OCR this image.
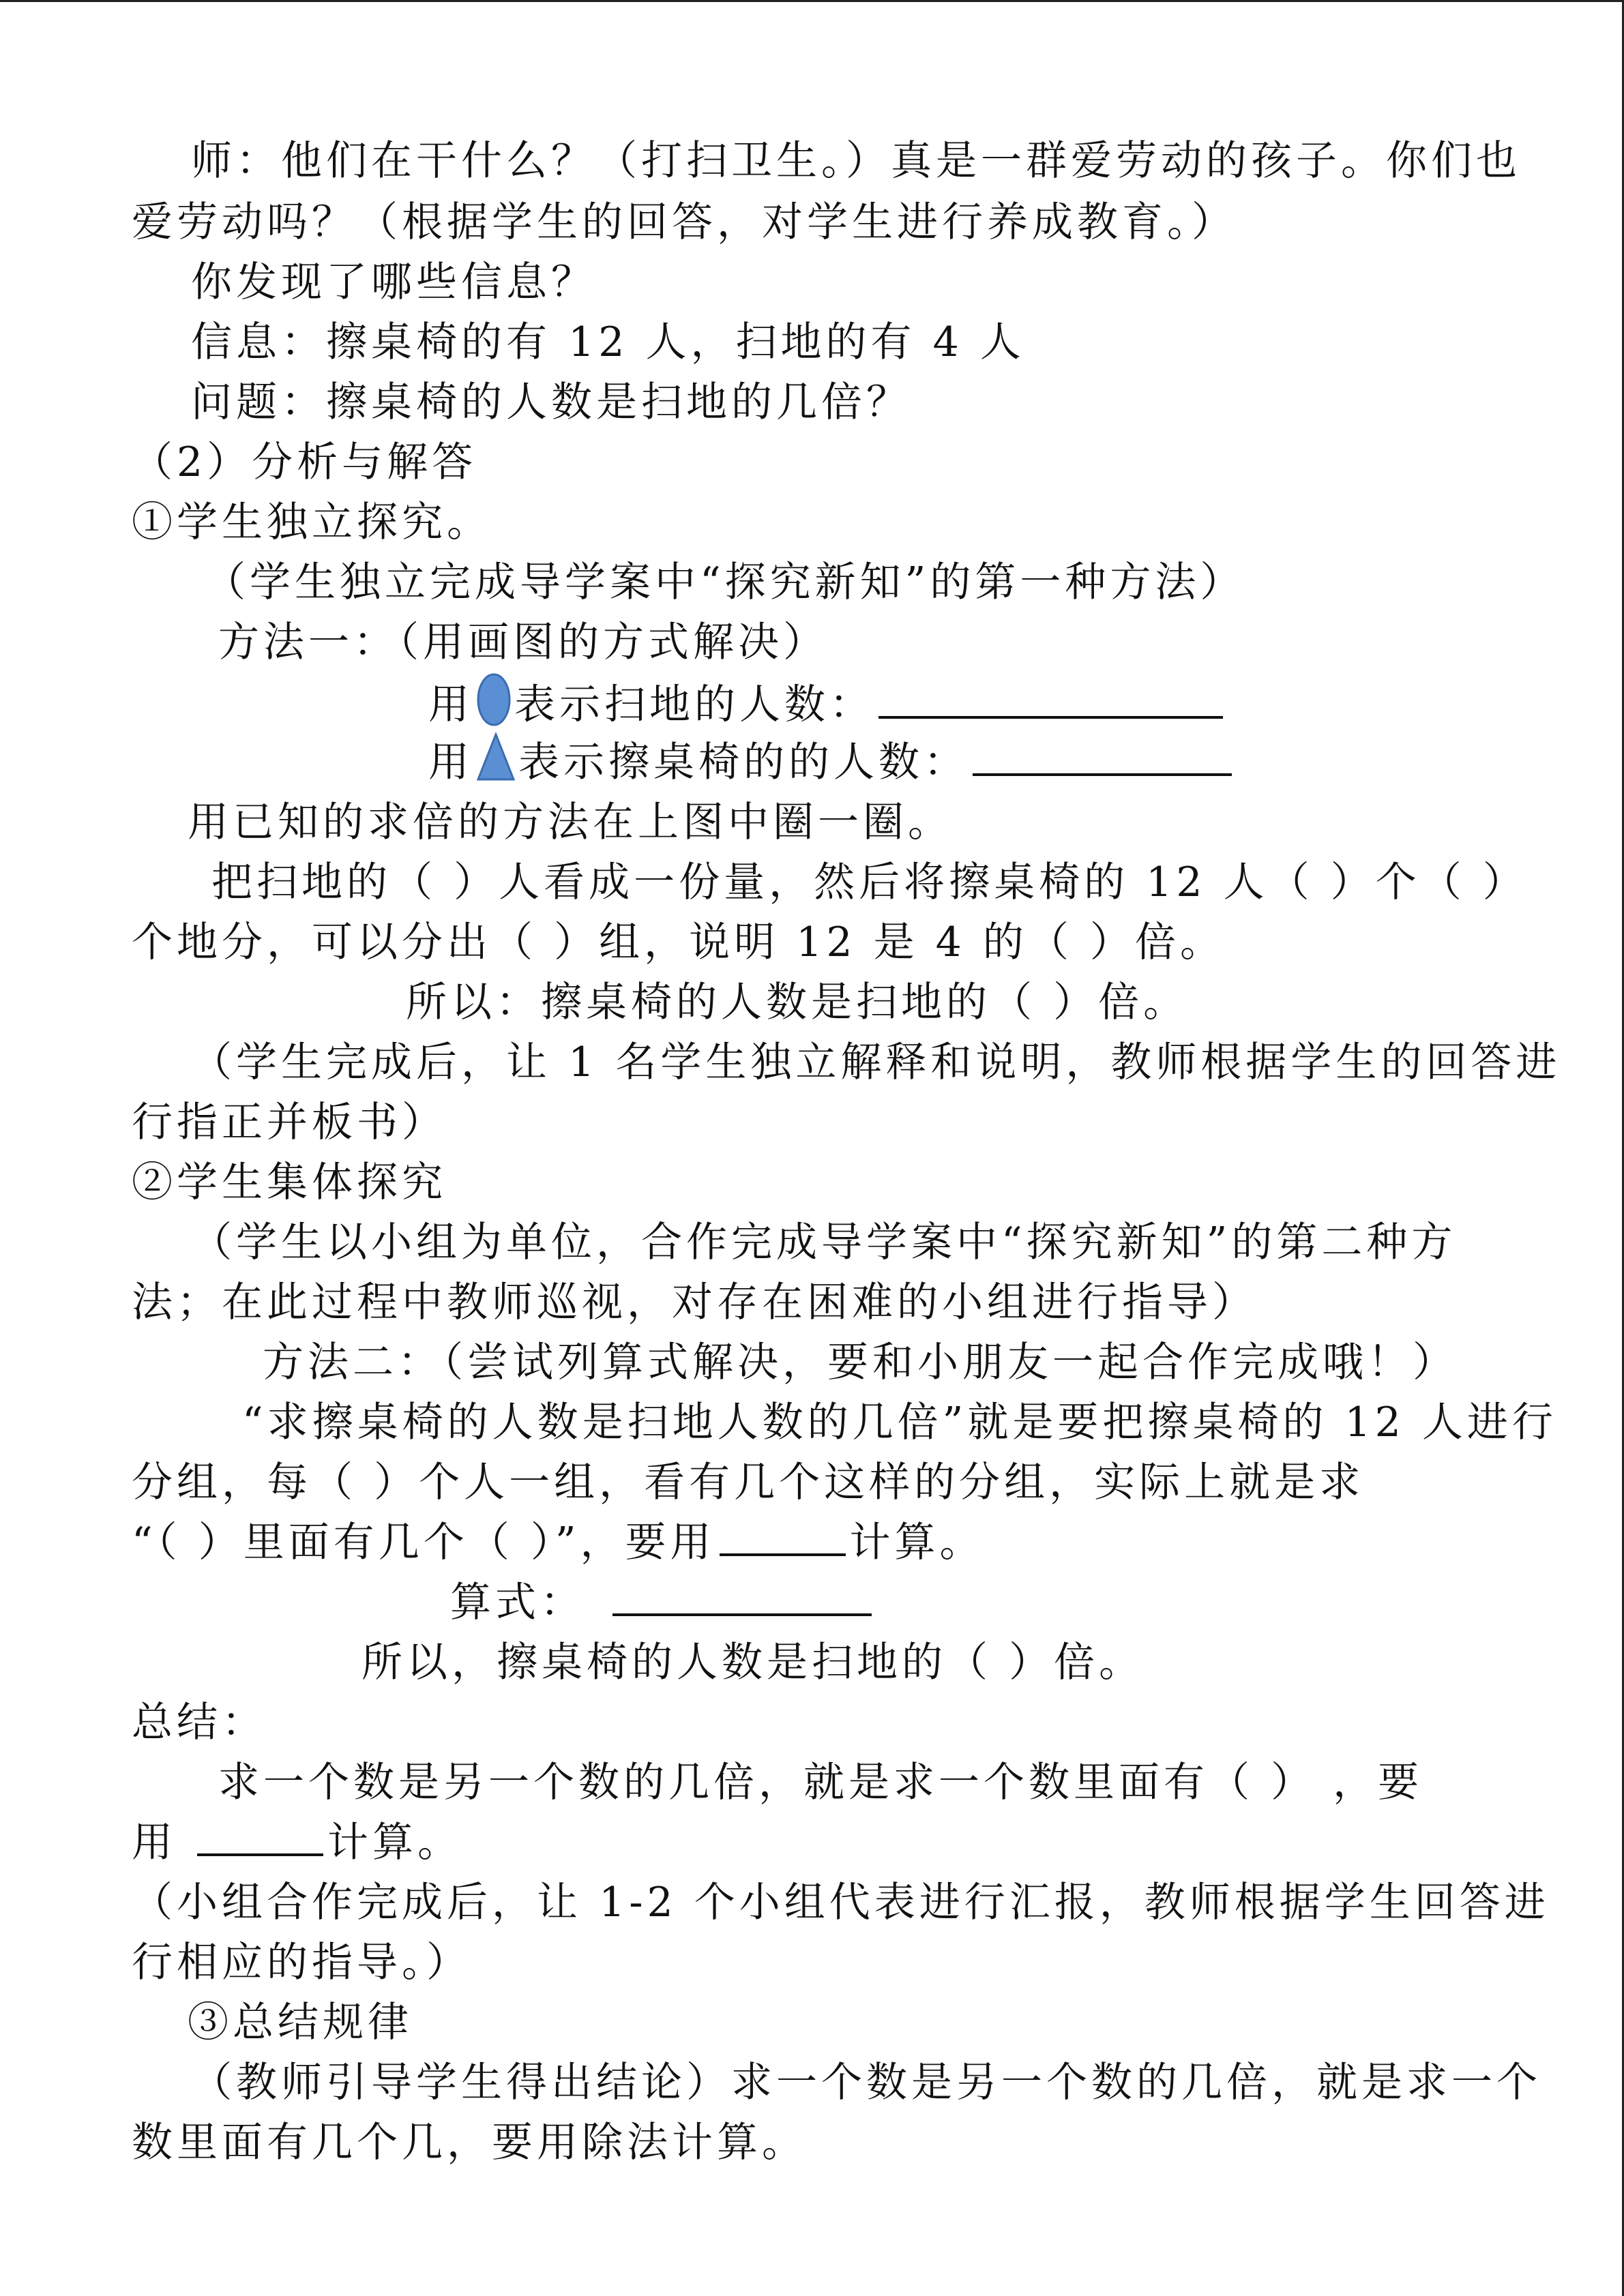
师：他们在干什么？（打扫卫生。）真是一群爱劳动的孩子。你们也
爱劳动吗？（根据学生的回答，对学生进行养成教育。）
你发现了哪些信息？
信息：擦桌椅的有 12 人，扫地的有 4 人
问题：擦桌椅的人数是扫地的几倍？
（2）分析与解答
①学生独立探究。
（学生独立完成导学案中“探究新知”的第一种方法）
方法一：（用画图的方式解决）
用 表示扫地的人数：
用 表示擦桌椅的的人数：
用已知的求倍的方法在上图中圈一圈。
把扫地的（ ）人看成一份量，然后将擦桌椅的 12 人（ ）个（ ）
个地分，可以分出（ ）组，说明 12 是 4 的（ ）倍。
所以：擦桌椅的人数是扫地的（ ）倍。
（学生完成后，让 1 名学生独立解释和说明，教师根据学生的回答进
行指正并板书）
②学生集体探究
（学生以小组为单位，合作完成导学案中“探究新知”的第二种方
法；在此过程中教师巡视，对存在困难的小组进行指导）
方法二：（尝试列算式解决，要和小朋友一起合作完成哦！）
“求擦桌椅的人数是扫地人数的几倍”就是要把擦桌椅的 12 人进行
分组，每（ ）个人一组，看有几个这样的分组，实际上就是求
“（ ）里面有几个（ ）”，要用	计算。
算式：
所以，擦桌椅的人数是扫地的（ ）倍。
总结：
求一个数是另一个数的几倍，就是求一个数里面有（ ） ，要
用	计算。
（小组合作完成后，让 1-2 个小组代表进行汇报，教师根据学生回答进
行相应的指导。）
③总结规律
（教师引导学生得出结论）求一个数是另一个数的几倍，就是求一个
数里面有几个几，要用除法计算。
